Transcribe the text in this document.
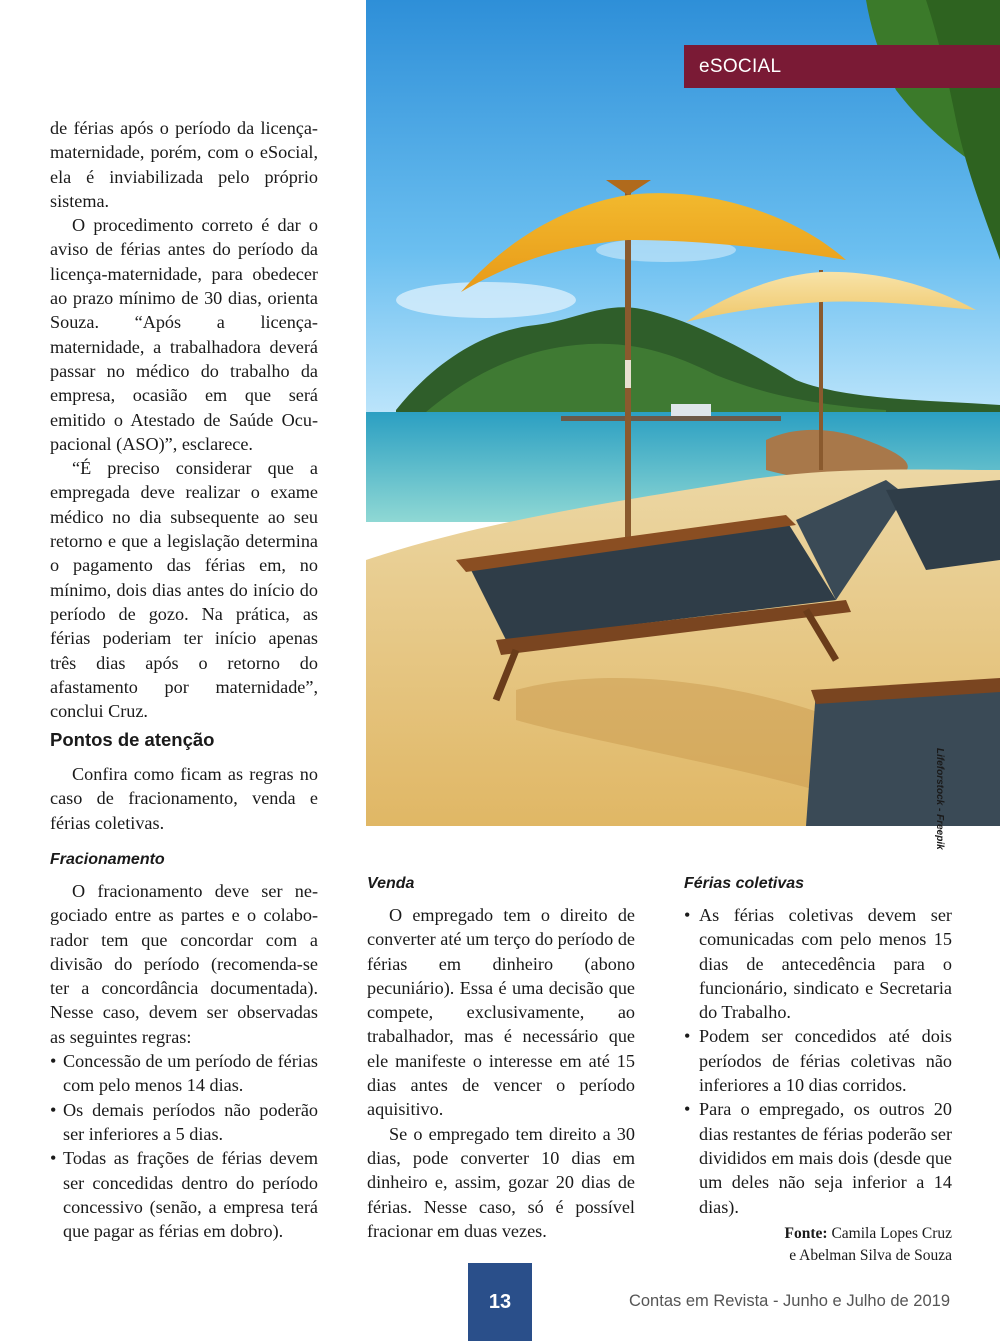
eSOCIAL
Lifeforstock - Freepik

de férias após o período da licença-maternidade, porém, com o eSocial, ela é inviabilizada pelo próprio sistema.

O procedimento correto é dar o aviso de férias antes do período da licença-maternidade, para obedecer ao prazo mínimo de 30 dias, orienta Souza. “Após a licença-maternidade, a trabalhadora deverá passar no médico do trabalho da empresa, ocasião em que será emitido o Atestado de Saúde Ocupacional (ASO)”, esclarece.

“É preciso considerar que a empregada deve realizar o exame médico no dia subsequente ao seu retorno e que a legislação determina o pagamento das férias em, no mínimo, dois dias antes do início do período de gozo. Na prática, as férias poderiam ter início apenas três dias após o retorno do afastamento por maternidade”, conclui Cruz.

Pontos de atenção

Confira como ficam as regras no caso de fracionamento, venda e férias coletivas.

Fracionamento

O fracionamento deve ser negociado entre as partes e o colaborador tem que concordar com a divisão do período (recomenda-se ter a concordância documentada). Nesse caso, devem ser observadas as seguintes regras:

• Concessão de um período de férias com pelo menos 14 dias.
• Os demais períodos não poderão ser inferiores a 5 dias.
• Todas as frações de férias devem ser concedidas dentro do período concessivo (senão, a empresa terá que pagar as férias em dobro).
Venda

O empregado tem o direito de converter até um terço do período de férias em dinheiro (abono pecuniário). Essa é uma decisão que compete, exclusivamente, ao trabalhador, mas é necessário que ele manifeste o interesse em até 15 dias antes de vencer o período aquisitivo.

Se o empregado tem direito a 30 dias, pode converter 10 dias em dinheiro e, assim, gozar 20 dias de férias. Nesse caso, só é possível fracionar em duas vezes.

Férias coletivas
• As férias coletivas devem ser comunicadas com pelo menos 15 dias de antecedência para o funcionário, sindicato e Secretaria do Trabalho.
• Podem ser concedidos até dois períodos de férias coletivas não inferiores a 10 dias corridos.
• Para o empregado, os outros 20 dias restantes de férias poderão ser divididos em mais dois (desde que um deles não seja inferior a 14 dias).
Fonte: Camila Lopes Cruz
e Abelman Silva de Souza
13	Contas em Revista - Junho e Julho de 2019
